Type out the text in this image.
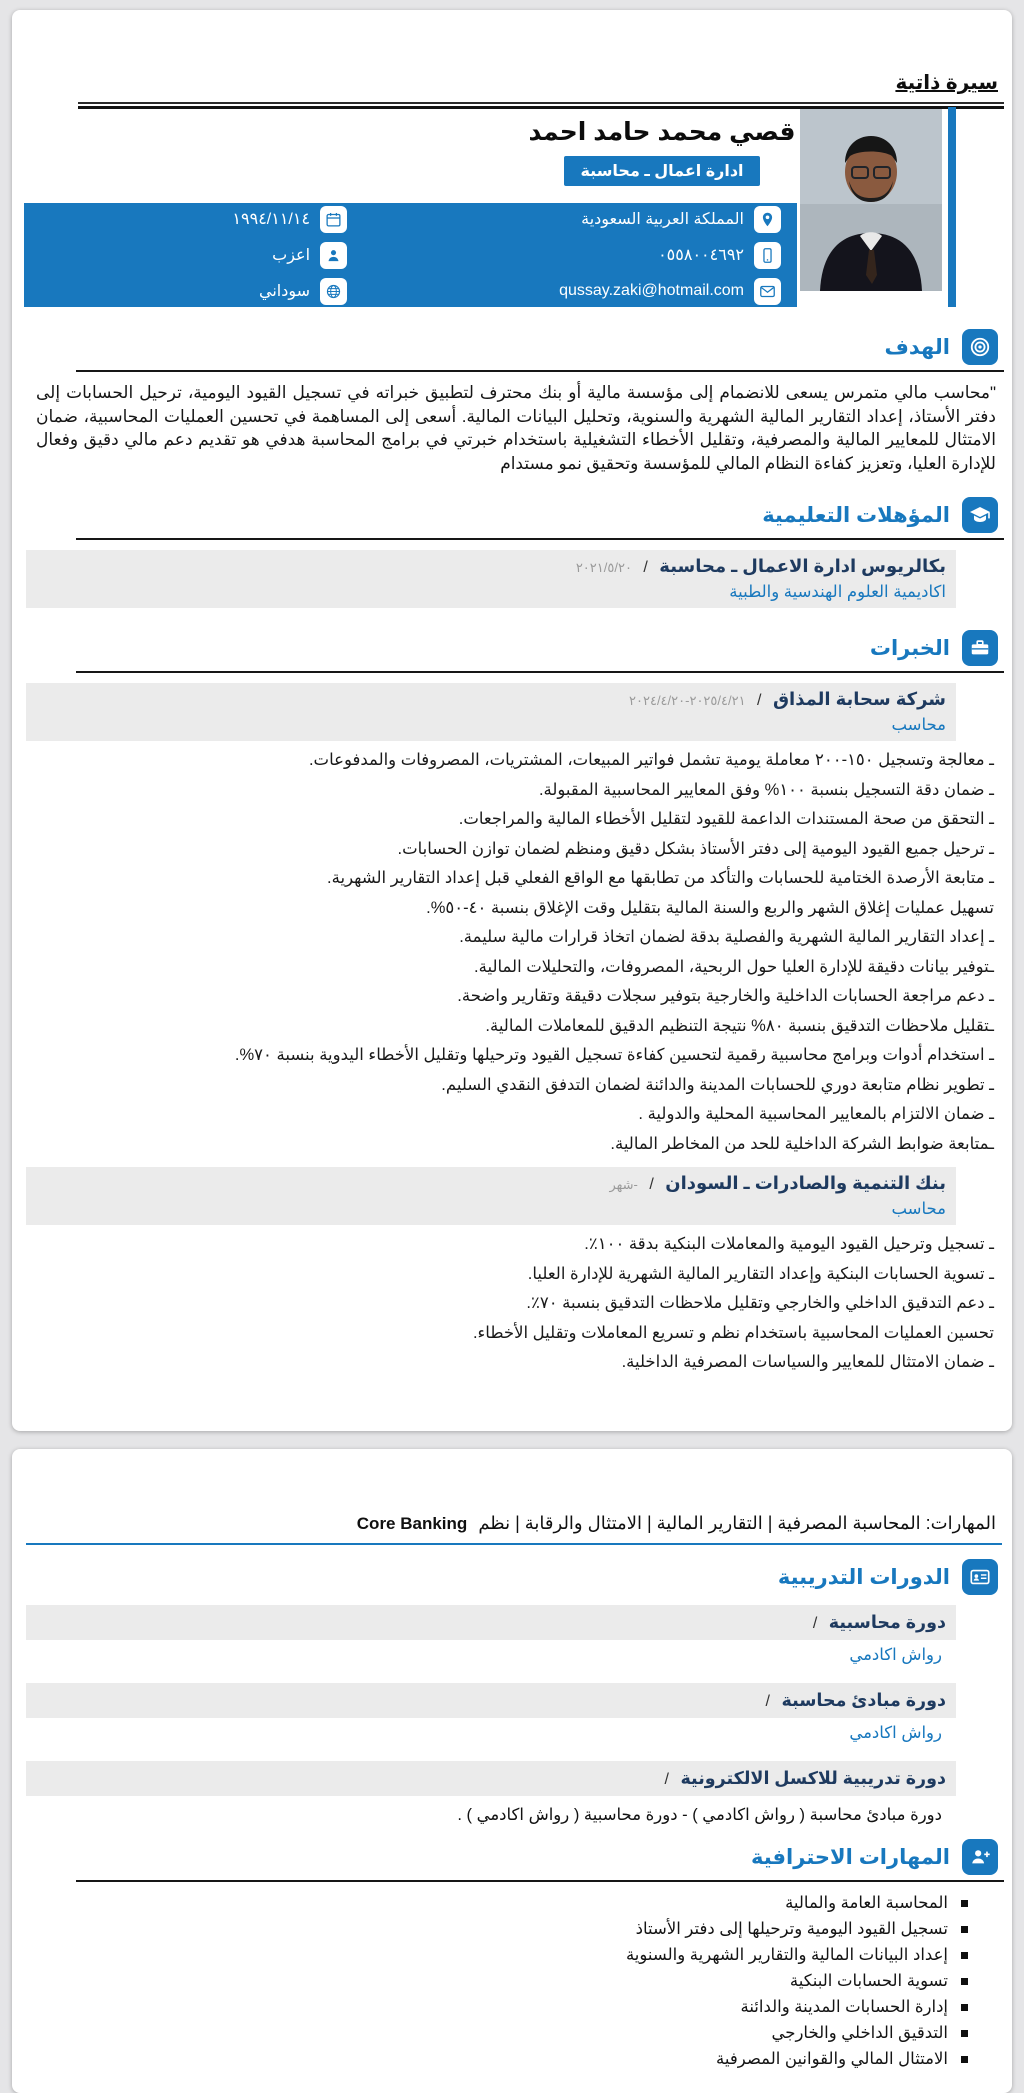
سيرة ذاتية
قصي محمد حامد احمد
ادارة اعمال ـ محاسبة
المملكة العربية السعودية
٠٥٥٨٠٠٤٦٩٢
qussay.zaki@hotmail.com
١٩٩٤/١١/١٤
اعزب
سوداني
الهدف
"محاسب مالي متمرس يسعى للانضمام إلى مؤسسة مالية أو بنك محترف لتطبيق خبراته في تسجيل القيود اليومية، ترحيل الحسابات إلى دفتر الأستاذ، إعداد التقارير المالية الشهرية والسنوية، وتحليل البيانات المالية. أسعى إلى المساهمة في تحسين العمليات المحاسبية، ضمان الامتثال للمعايير المالية والمصرفية، وتقليل الأخطاء التشغيلية باستخدام خبرتي في برامج المحاسبة هدفي هو تقديم دعم مالي دقيق وفعال للإدارة العليا، وتعزيز كفاءة النظام المالي للمؤسسة وتحقيق نمو مستدام
المؤهلات التعليمية
بكالريوس ادارة الاعمال ـ محاسبة / ٢٠٢١/٥/٢٠
اكاديمية العلوم الهندسية والطبية
الخبرات
شركة سحابة المذاق / ٢٠٢٥/٤/٢١-٢٠٢٤/٤/٢٠
محاسب
ـ معالجة وتسجيل ١٥٠-٢٠٠ معاملة يومية تشمل فواتير المبيعات، المشتريات، المصروفات والمدفوعات.
ـ ضمان دقة التسجيل بنسبة ١٠٠% وفق المعايير المحاسبية المقبولة.
ـ التحقق من صحة المستندات الداعمة للقيود لتقليل الأخطاء المالية والمراجعات.
ـ ترحيل جميع القيود اليومية إلى دفتر الأستاذ بشكل دقيق ومنظم لضمان توازن الحسابات.
ـ متابعة الأرصدة الختامية للحسابات والتأكد من تطابقها مع الواقع الفعلي قبل إعداد التقارير الشهرية.
تسهيل عمليات إغلاق الشهر والربع والسنة المالية بتقليل وقت الإغلاق بنسبة ٤٠-٥٠%.
ـ إعداد التقارير المالية الشهرية والفصلية بدقة لضمان اتخاذ قرارات مالية سليمة.
ـتوفير بيانات دقيقة للإدارة العليا حول الربحية، المصروفات، والتحليلات المالية.
ـ دعم مراجعة الحسابات الداخلية والخارجية بتوفير سجلات دقيقة وتقارير واضحة.
ـتقليل ملاحظات التدقيق بنسبة ٨٠% نتيجة التنظيم الدقيق للمعاملات المالية.
ـ استخدام أدوات وبرامج محاسبية رقمية لتحسين كفاءة تسجيل القيود وترحيلها وتقليل الأخطاء اليدوية بنسبة ٧٠%.
ـ تطوير نظام متابعة دوري للحسابات المدينة والدائنة لضمان التدفق النقدي السليم.
ـ ضمان الالتزام بالمعايير المحاسبية المحلية والدولية .
ـمتابعة ضوابط الشركة الداخلية للحد من المخاطر المالية.
بنك التنمية والصادرات ـ السودان / -شهر
محاسب
ـ تسجيل وترحيل القيود اليومية والمعاملات البنكية بدقة ١٠٠٪.
ـ تسوية الحسابات البنكية وإعداد التقارير المالية الشهرية للإدارة العليا.
ـ دعم التدقيق الداخلي والخارجي وتقليل ملاحظات التدقيق بنسبة ٧٠٪.
تحسين العمليات المحاسبية باستخدام نظم و تسريع المعاملات وتقليل الأخطاء.
ـ ضمان الامتثال للمعايير والسياسات المصرفية الداخلية.
المهارات: المحاسبة المصرفية | التقارير المالية | الامتثال والرقابة | نظم Core Banking
الدورات التدريبية
دورة محاسبية /
رواش اكادمي
دورة مبادئ محاسبة /
رواش اكادمي
دورة تدريبية للاكسل الالكترونية /
دورة مبادئ محاسبة ( رواش اكادمي ) - دورة محاسبية ( رواش اكادمي ) .
المهارات الاحترافية
المحاسبة العامة والمالية
تسجيل القيود اليومية وترحيلها إلى دفتر الأستاذ
إعداد البيانات المالية والتقارير الشهرية والسنوية
تسوية الحسابات البنكية
إدارة الحسابات المدينة والدائنة
التدقيق الداخلي والخارجي
الامتثال المالي والقوانين المصرفية
